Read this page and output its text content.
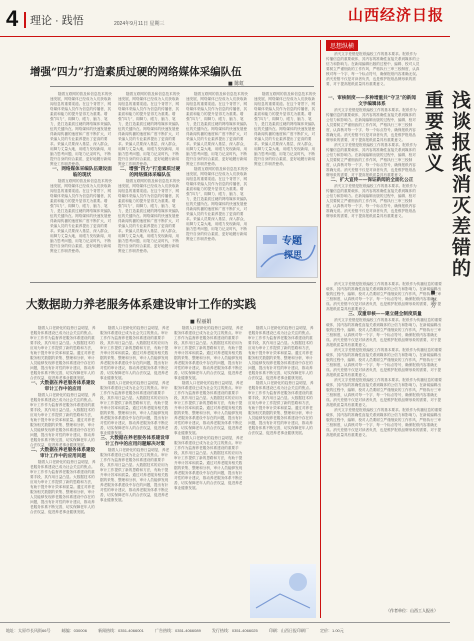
4	理论 · 践悟	2024年9月11日 星期三	山西经济日报
增强“四力”打造素质过硬的网络媒体采编队伍
■ 陈虹

随着互联网的普及和信息技术的快速发展，网络媒体已经成为人们获取新闻信息的重要渠道。在这个背景下，网络媒体采编人员作为信息的传播者，其素质和能力的提升显得尤为重要。增强“四力”，即脚力、眼力、脑力、笔力，是打造素质过硬的网络媒体采编队伍的关键所在。网络媒体的快速发展使得新闻传播的速度和广度不断扩大，对采编人员的专业素养提出了更高的要求。采编人员要深入基层、深入群众，用脚力丈量大地，用眼力发现新闻，用脑力思考问题，用笔力记录时代，不断提升自身的综合素质，更好地履行新闻舆论工作职责使命。

一、网络媒体采编队伍建设面临的现状

随着互联网的普及和信息技术的快速发展，网络媒体已经成为人们获取新闻信息的重要渠道。在这个背景下，网络媒体采编人员作为信息的传播者，其素质和能力的提升显得尤为重要。增强“四力”，即脚力、眼力、脑力、笔力，是打造素质过硬的网络媒体采编队伍的关键所在。网络媒体的快速发展使得新闻传播的速度和广度不断扩大，对采编人员的专业素养提出了更高的要求。采编人员要深入基层、深入群众，用脚力丈量大地，用眼力发现新闻，用脑力思考问题，用笔力记录时代，不断提升自身的综合素质，更好地履行新闻舆论工作职责使命。

随着互联网的普及和信息技术的快速发展，网络媒体已经成为人们获取新闻信息的重要渠道。在这个背景下，网络媒体采编人员作为信息的传播者，其素质和能力的提升显得尤为重要。增强“四力”，即脚力、眼力、脑力、笔力，是打造素质过硬的网络媒体采编队伍的关键所在。网络媒体的快速发展使得新闻传播的速度和广度不断扩大，对采编人员的专业素养提出了更高的要求。采编人员要深入基层、深入群众，用脚力丈量大地，用眼力发现新闻，用脑力思考问题，用笔力记录时代，不断提升自身的综合素质，更好地履行新闻舆论工作职责使命。

二、增强“四力”打造素质过硬的网络媒体采编队伍

随着互联网的普及和信息技术的快速发展，网络媒体已经成为人们获取新闻信息的重要渠道。在这个背景下，网络媒体采编人员作为信息的传播者，其素质和能力的提升显得尤为重要。增强“四力”，即脚力、眼力、脑力、笔力，是打造素质过硬的网络媒体采编队伍的关键所在。网络媒体的快速发展使得新闻传播的速度和广度不断扩大，对采编人员的专业素养提出了更高的要求。采编人员要深入基层、深入群众，用脚力丈量大地，用眼力发现新闻，用脑力思考问题，用笔力记录时代，不断提升自身的综合素质，更好地履行新闻舆论工作职责使命。

随着互联网的普及和信息技术的快速发展，网络媒体已经成为人们获取新闻信息的重要渠道。在这个背景下，网络媒体采编人员作为信息的传播者，其素质和能力的提升显得尤为重要。增强“四力”，即脚力、眼力、脑力、笔力，是打造素质过硬的网络媒体采编队伍的关键所在。网络媒体的快速发展使得新闻传播的速度和广度不断扩大，对采编人员的专业素养提出了更高的要求。采编人员要深入基层、深入群众，用脚力丈量大地，用眼力发现新闻，用脑力思考问题，用笔力记录时代，不断提升自身的综合素质，更好地履行新闻舆论工作职责使命。

随着互联网的普及和信息技术的快速发展，网络媒体已经成为人们获取新闻信息的重要渠道。在这个背景下，网络媒体采编人员作为信息的传播者，其素质和能力的提升显得尤为重要。增强“四力”，即脚力、眼力、脑力、笔力，是打造素质过硬的网络媒体采编队伍的关键所在。网络媒体的快速发展使得新闻传播的速度和广度不断扩大，对采编人员的专业素养提出了更高的要求。采编人员要深入基层、深入群众，用脚力丈量大地，用眼力发现新闻，用脑力思考问题，用笔力记录时代，不断提升自身的综合素质，更好地履行新闻舆论工作职责使命。

随着互联网的普及和信息技术的快速发展，网络媒体已经成为人们获取新闻信息的重要渠道。在这个背景下，网络媒体采编人员作为信息的传播者，其素质和能力的提升显得尤为重要。增强“四力”，即脚力、眼力、脑力、笔力，是打造素质过硬的网络媒体采编队伍的关键所在。网络媒体的快速发展使得新闻传播的速度和广度不断扩大，对采编人员的专业素养提出了更高的要求。采编人员要深入基层、深入群众，用脚力丈量大地，用眼力发现新闻，用脑力思考问题，用笔力记录时代，不断提升自身的综合素质，更好地履行新闻舆论工作职责使命。

专题
探思
大数据助力养老服务体系建设审计工作的实践
■ 程丽娟

随着人口老龄化的趋势日益明显，养老服务体系建设已成为社会关注的焦点。审计工作作为监督养老服务体系建设的重要手段，其作用日益凸显。大数据技术的应用为审计工作提供了新的思路和方法，有助于提升审计效率和质量。通过对养老服务相关数据的采集、整理和分析，审计人员能够发现养老服务体系建设中存在的问题，提出有针对性的审计建议，推动养老服务体系不断完善，切实保障老年人的合法权益，促进养老事业健康发展。

一、大数据在养老服务体系建设审计工作中的应用

随着人口老龄化的趋势日益明显，养老服务体系建设已成为社会关注的焦点。审计工作作为监督养老服务体系建设的重要手段，其作用日益凸显。大数据技术的应用为审计工作提供了新的思路和方法，有助于提升审计效率和质量。通过对养老服务相关数据的采集、整理和分析，审计人员能够发现养老服务体系建设中存在的问题，提出有针对性的审计建议，推动养老服务体系不断完善，切实保障老年人的合法权益，促进养老事业健康发展。

二、大数据在养老服务体系建设审计工作中的应用问题

随着人口老龄化的趋势日益明显，养老服务体系建设已成为社会关注的焦点。审计工作作为监督养老服务体系建设的重要手段，其作用日益凸显。大数据技术的应用为审计工作提供了新的思路和方法，有助于提升审计效率和质量。通过对养老服务相关数据的采集、整理和分析，审计人员能够发现养老服务体系建设中存在的问题，提出有针对性的审计建议，推动养老服务体系不断完善，切实保障老年人的合法权益，促进养老事业健康发展。

随着人口老龄化的趋势日益明显，养老服务体系建设已成为社会关注的焦点。审计工作作为监督养老服务体系建设的重要手段，其作用日益凸显。大数据技术的应用为审计工作提供了新的思路和方法，有助于提升审计效率和质量。通过对养老服务相关数据的采集、整理和分析，审计人员能够发现养老服务体系建设中存在的问题，提出有针对性的审计建议，推动养老服务体系不断完善，切实保障老年人的合法权益，促进养老事业健康发展。

随着人口老龄化的趋势日益明显，养老服务体系建设已成为社会关注的焦点。审计工作作为监督养老服务体系建设的重要手段，其作用日益凸显。大数据技术的应用为审计工作提供了新的思路和方法，有助于提升审计效率和质量。通过对养老服务相关数据的采集、整理和分析，审计人员能够发现养老服务体系建设中存在的问题，提出有针对性的审计建议，推动养老服务体系不断完善，切实保障老年人的合法权益，促进养老事业健康发展。

三、大数据在养老服务体系建设审计工作中的应用问题解决对策

随着人口老龄化的趋势日益明显，养老服务体系建设已成为社会关注的焦点。审计工作作为监督养老服务体系建设的重要手段，其作用日益凸显。大数据技术的应用为审计工作提供了新的思路和方法，有助于提升审计效率和质量。通过对养老服务相关数据的采集、整理和分析，审计人员能够发现养老服务体系建设中存在的问题，提出有针对性的审计建议，推动养老服务体系不断完善，切实保障老年人的合法权益，促进养老事业健康发展。

随着人口老龄化的趋势日益明显，养老服务体系建设已成为社会关注的焦点。审计工作作为监督养老服务体系建设的重要手段，其作用日益凸显。大数据技术的应用为审计工作提供了新的思路和方法，有助于提升审计效率和质量。通过对养老服务相关数据的采集、整理和分析，审计人员能够发现养老服务体系建设中存在的问题，提出有针对性的审计建议，推动养老服务体系不断完善，切实保障老年人的合法权益，促进养老事业健康发展。

随着人口老龄化的趋势日益明显，养老服务体系建设已成为社会关注的焦点。审计工作作为监督养老服务体系建设的重要手段，其作用日益凸显。大数据技术的应用为审计工作提供了新的思路和方法，有助于提升审计效率和质量。通过对养老服务相关数据的采集、整理和分析，审计人员能够发现养老服务体系建设中存在的问题，提出有针对性的审计建议，推动养老服务体系不断完善，切实保障老年人的合法权益，促进养老事业健康发展。

随着人口老龄化的趋势日益明显，养老服务体系建设已成为社会关注的焦点。审计工作作为监督养老服务体系建设的重要手段，其作用日益凸显。大数据技术的应用为审计工作提供了新的思路和方法，有助于提升审计效率和质量。通过对养老服务相关数据的采集、整理和分析，审计人员能够发现养老服务体系建设中存在的问题，提出有针对性的审计建议，推动养老服务体系不断完善，切实保障老年人的合法权益，促进养老事业健康发展。

随着人口老龄化的趋势日益明显，养老服务体系建设已成为社会关注的焦点。审计工作作为监督养老服务体系建设的重要手段，其作用日益凸显。大数据技术的应用为审计工作提供了新的思路和方法，有助于提升审计效率和质量。通过对养老服务相关数据的采集、整理和分析，审计人员能够发现养老服务体系建设中存在的问题，提出有针对性的审计建议，推动养老服务体系不断完善，切实保障老年人的合法权益，促进养老事业健康发展。

随着人口老龄化的趋势日益明显，养老服务体系建设已成为社会关注的焦点。审计工作作为监督养老服务体系建设的重要手段，其作用日益凸显。大数据技术的应用为审计工作提供了新的思路和方法，有助于提升审计效率和质量。通过对养老服务相关数据的采集、整理和分析，审计人员能够发现养老服务体系建设中存在的问题，提出有针对性的审计建议，推动养老服务体系不断完善，切实保障老年人的合法权益，促进养老事业健康发展。

思想纵横

消灭文字差错是报纸编校工作的基本要求。报纸作为传播信息的重要载体，其内容的准确性直接关系到媒体的公信力和影响力。在新闻编辑出版的过程中，编辑、校对人员要树立严谨细致的工作作风，严格执行三审三校制度，认真核对每一个字、每一个标点符号，确保报纸内容准确无误。消灭差错不仅是对读者负责，也是维护报纸品牌形象的需要，对于提高报纸质量具有重要意义。

浅谈报纸消灭差错的重要意义
■ 李芳
一、审核制度——多种增重共“守卫”的新闻文字编辑体系

消灭文字差错是报纸编校工作的基本要求。报纸作为传播信息的重要载体，其内容的准确性直接关系到媒体的公信力和影响力。在新闻编辑出版的过程中，编辑、校对人员要树立严谨细致的工作作风，严格执行三审三校制度，认真核对每一个字、每一个标点符号，确保报纸内容准确无误。消灭差错不仅是对读者负责，也是维护报纸品牌形象的需要，对于提高报纸质量具有重要意义。

消灭文字差错是报纸编校工作的基本要求。报纸作为传播信息的重要载体，其内容的准确性直接关系到媒体的公信力和影响力。在新闻编辑出版的过程中，编辑、校对人员要树立严谨细致的工作作风，严格执行三审三校制度，认真核对每一个字、每一个标点符号，确保报纸内容准确无误。消灭差错不仅是对读者负责，也是维护报纸品牌形象的需要，对于提高报纸质量具有重要意义。

二、扩大宣传——保证新闻的全面化公正

消灭文字差错是报纸编校工作的基本要求。报纸作为传播信息的重要载体，其内容的准确性直接关系到媒体的公信力和影响力。在新闻编辑出版的过程中，编辑、校对人员要树立严谨细致的工作作风，严格执行三审三校制度，认真核对每一个字、每一个标点符号，确保报纸内容准确无误。消灭差错不仅是对读者负责，也是维护报纸品牌形象的需要，对于提高报纸质量具有重要意义。

消灭文字差错是报纸编校工作的基本要求。报纸作为传播信息的重要载体，其内容的准确性直接关系到媒体的公信力和影响力。在新闻编辑出版的过程中，编辑、校对人员要树立严谨细致的工作作风，严格执行三审三校制度，认真核对每一个字、每一个标点符号，确保报纸内容准确无误。消灭差错不仅是对读者负责，也是维护报纸品牌形象的需要，对于提高报纸质量具有重要意义。

三、双重审核——建立健全制度质量

消灭文字差错是报纸编校工作的基本要求。报纸作为传播信息的重要载体，其内容的准确性直接关系到媒体的公信力和影响力。在新闻编辑出版的过程中，编辑、校对人员要树立严谨细致的工作作风，严格执行三审三校制度，认真核对每一个字、每一个标点符号，确保报纸内容准确无误。消灭差错不仅是对读者负责，也是维护报纸品牌形象的需要，对于提高报纸质量具有重要意义。

消灭文字差错是报纸编校工作的基本要求。报纸作为传播信息的重要载体，其内容的准确性直接关系到媒体的公信力和影响力。在新闻编辑出版的过程中，编辑、校对人员要树立严谨细致的工作作风，严格执行三审三校制度，认真核对每一个字、每一个标点符号，确保报纸内容准确无误。消灭差错不仅是对读者负责，也是维护报纸品牌形象的需要，对于提高报纸质量具有重要意义。

消灭文字差错是报纸编校工作的基本要求。报纸作为传播信息的重要载体，其内容的准确性直接关系到媒体的公信力和影响力。在新闻编辑出版的过程中，编辑、校对人员要树立严谨细致的工作作风，严格执行三审三校制度，认真核对每一个字、每一个标点符号，确保报纸内容准确无误。消灭差错不仅是对读者负责，也是维护报纸品牌形象的需要，对于提高报纸质量具有重要意义。

消灭文字差错是报纸编校工作的基本要求。报纸作为传播信息的重要载体，其内容的准确性直接关系到媒体的公信力和影响力。在新闻编辑出版的过程中，编辑、校对人员要树立严谨细致的工作作风，严格执行三审三校制度，认真核对每一个字、每一个标点符号，确保报纸内容准确无误。消灭差错不仅是对读者负责，也是维护报纸品牌形象的需要，对于提高报纸质量具有重要意义。

（作者单位：山西工人报社）
地址：太原市长风街66号	邮编：030006	新闻热线：0351-4066001	广告热线：0351-4066089	发行热线：0351-4066025	印刷：山西日报印刷厂	定价：1.00元
